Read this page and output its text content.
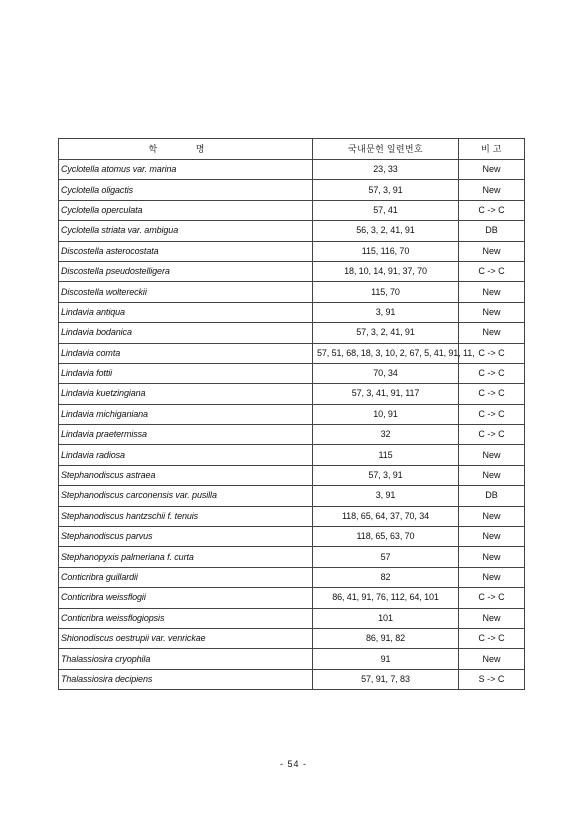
학 명	국내문헌 일련번호	비 고
Cyclotella atomus var. marina	23, 33	New
Cyclotella oligactis	57, 3, 91	New
Cyclotella operculata	57, 41	C -> C
Cyclotella striata var. ambigua	56, 3, 2, 41, 91	DB
Discostella asterocostata	115, 116, 70	New
Discostella pseudostelligera	18, 10, 14, 91, 37, 70	C -> C
Discostella woltereckii	115, 70	New
Lindavia antiqua	3, 91	New
Lindavia bodanica	57, 3, 2, 41, 91	New
Lindavia comta	57, 51, 68, 18, 3, 10, 2, 67, 5, 41, 91, 11,	C -> C
Lindavia fottii	70, 34	C -> C
Lindavia kuetzingiana	57, 3, 41, 91, 117	C -> C
Lindavia michiganiana	10, 91	C -> C
Lindavia praetermissa	32	C -> C
Lindavia radiosa	115	New
Stephanodiscus astraea	57, 3, 91	New
Stephanodiscus carconensis var. pusilla	3, 91	DB
Stephanodiscus hantzschii f. tenuis	118, 65, 64, 37, 70, 34	New
Stephanodiscus parvus	118, 65, 63, 70	New
Stephanopyxis palmeriana f. curta	57	New
Conticribra guillardii	82	New
Conticribra weissflogii	86, 41, 91, 76, 112, 64, 101	C -> C
Conticribra weissflogiopsis	101	New
Shionodiscus oestrupii var. venrickae	86, 91, 82	C -> C
Thalassiosira cryophila	91	New
Thalassiosira decipiens	57, 91, 7, 83	S -> C
- 54 -
